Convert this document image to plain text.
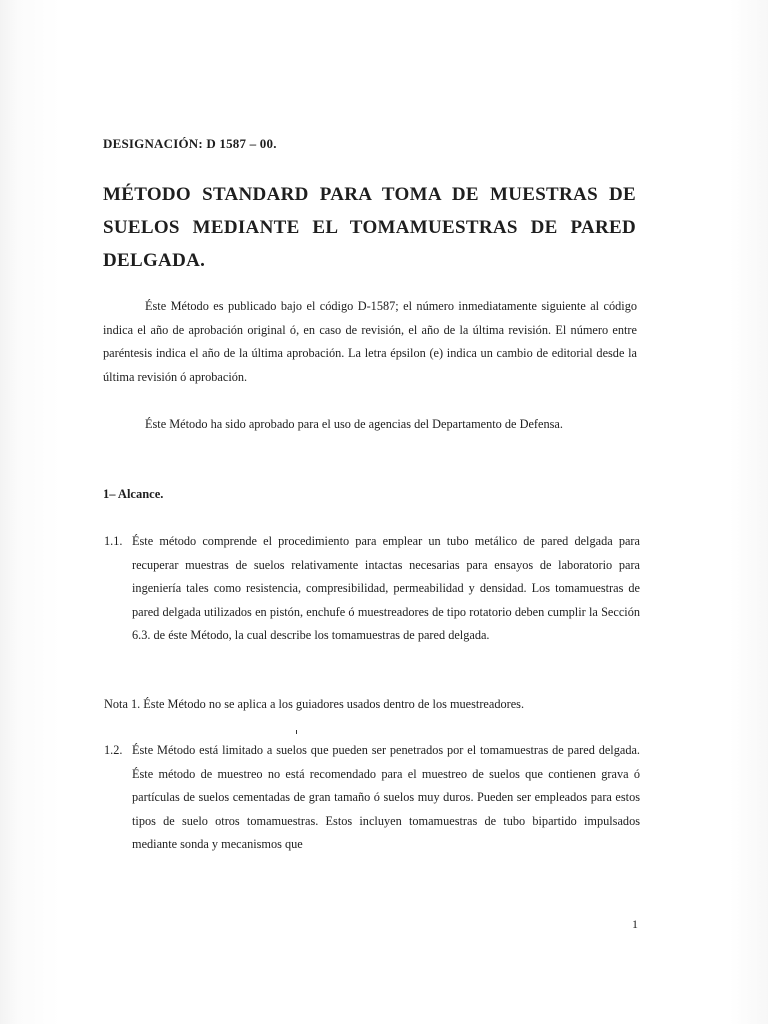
DESIGNACIÓN: D 1587 – 00.
MÉTODO STANDARD PARA TOMA DE MUESTRAS DE SUELOS MEDIANTE EL TOMAMUESTRAS DE PARED DELGADA.

Éste Método es publicado bajo el código D-1587; el número inmediatamente siguiente al código indica el año de aprobación original ó, en caso de revisión, el año de la última revisión. El número entre paréntesis indica el año de la última aprobación. La letra épsilon (e) indica un cambio de editorial desde la última revisión ó aprobación.

Éste Método ha sido aprobado para el uso de agencias del Departamento de Defensa.

1– Alcance.
1.1. Éste método comprende el procedimiento para emplear un tubo metálico de pared delgada para recuperar muestras de suelos relativamente intactas necesarias para ensayos de laboratorio para ingeniería tales como resistencia, compresibilidad, permeabilidad y densidad. Los tomamuestras de pared delgada utilizados en pistón, enchufe ó muestreadores de tipo rotatorio deben cumplir la Sección 6.3. de éste Método, la cual describe los tomamuestras de pared delgada.
Nota 1. Éste Método no se aplica a los guiadores usados dentro de los muestreadores.
1.2. Éste Método está limitado a suelos que pueden ser penetrados por el tomamuestras de pared delgada. Éste método de muestreo no está recomendado para el muestreo de suelos que contienen grava ó partículas de suelos cementadas de gran tamaño ó suelos muy duros. Pueden ser empleados para estos tipos de suelo otros tomamuestras. Estos incluyen tomamuestras de tubo bipartido impulsados mediante sonda y mecanismos que
1
